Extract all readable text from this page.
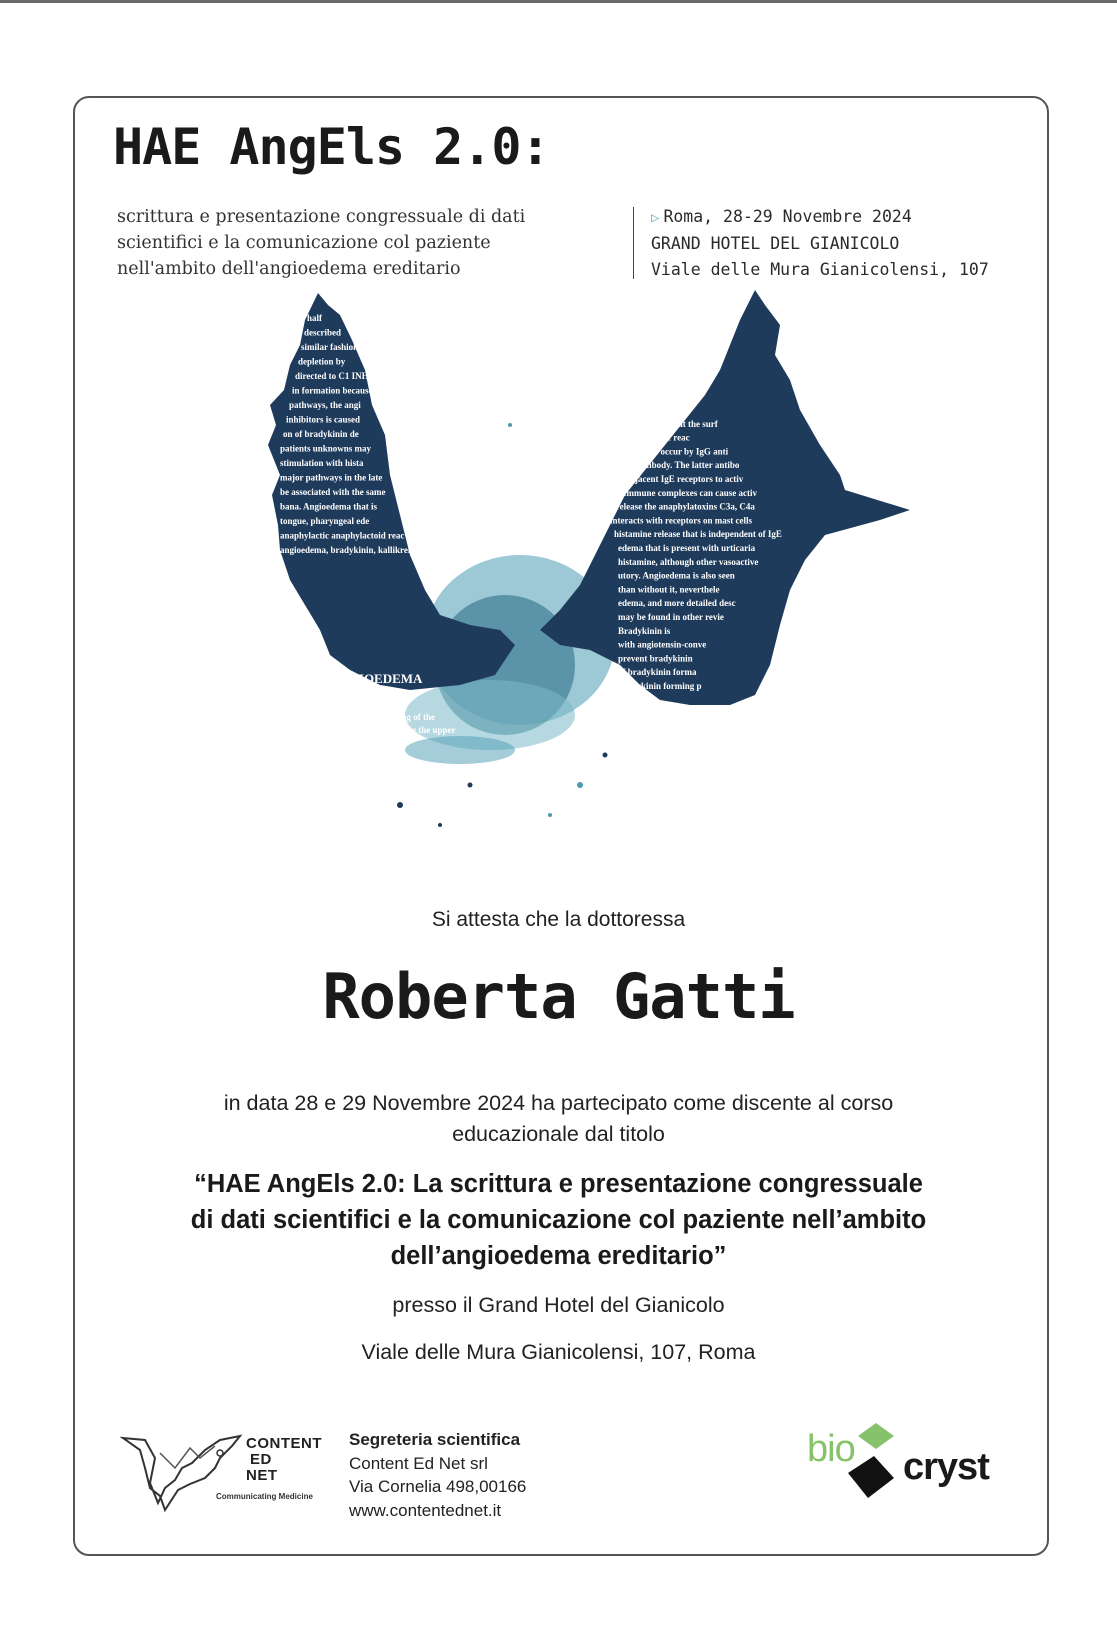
HAE AngEls 2.0:
scrittura e presentazione congressuale di dati
scientifici e la comunicazione col paziente
nell'ambito dell'angioedema ereditario
▷ Roma, 28-29 Novembre 2024
GRAND HOTEL DEL GIANICOLO
Viale delle Mura Gianicolensi, 107
release can occur by an
immunoglobulin E (IgE) at the surf
as is typical of allergic reac
the same cells can occur by IgG anti
E receptor antibody. The latter antibo
unit of adjacent IgE receptors to activ
cells. Immune complexes can cause activ
to release the anaphylatoxins C3a, C4a
interacts with receptors on mast cells
histamine release that is independent of IgE
edema that is present with urticaria
histamine, although other vasoactive
utory. Angioedema is also seen
than without it, neverthele
edema, and more detailed desc
may be found in other revie
Bradykinin is
with angiotensin-conve
prevent bradykinin
of bradykinin forma
bradykinin forming p
half
described
similar fashion
depletion by
directed to C1 INH
in formation because
pathways, the angi
inhibitors is caused
on of bradykinin de
patients unknowns may
stimulation with hista
major pathways in the late
be associated with the same
bana. Angioedema that is
tongue, pharyngeal ede
anaphylactic anaphylactoid reac
angioedema, bradykinin, kallikrein, kininogen
ANGIOEDEMA
swelling of the
including the upper
Si attesta che la dottoressa
Roberta Gatti
in data 28 e 29 Novembre 2024 ha partecipato come discente al corso
educazionale dal titolo
“HAE AngEls 2.0: La scrittura e presentazione congressuale
di dati scientifici e la comunicazione col paziente nell’ambito
dell’angioedema ereditario”
presso il Grand Hotel del Gianicolo
Viale delle Mura Gianicolensi, 107, Roma
CONTENT
ED
NET
Communicating Medicine
Segreteria scientifica
Content Ed Net srl
Via Cornelia 498,00166
www.contentednet.it
bio cryst
